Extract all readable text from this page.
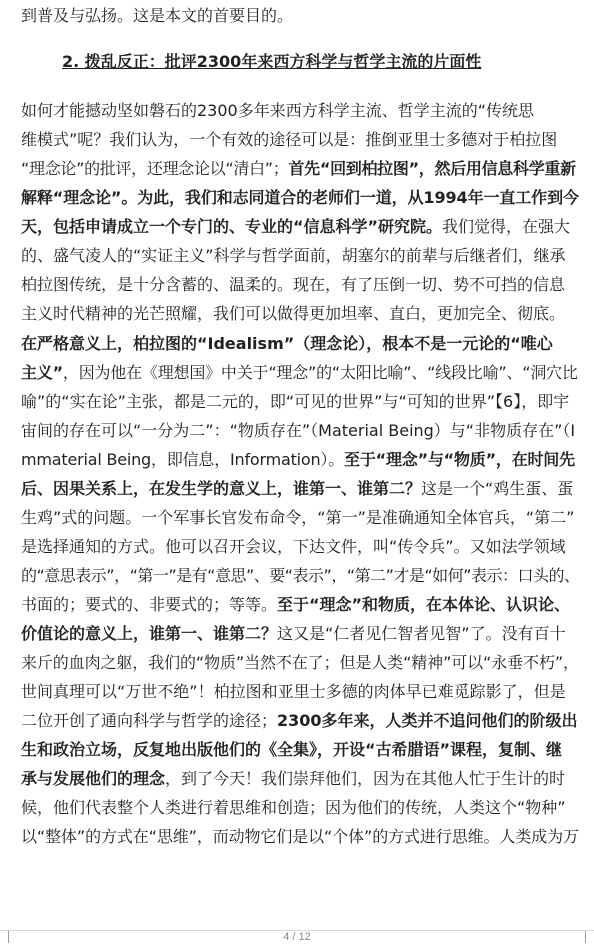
2. 拨乱反正：批评2300年来西方科学与哲学主流的片面性
到普及与弘扬。这是本文的首要目的。
如何才能撼动坚如磐石的2300多年来西方科学主流、哲学主流的“传统思
维模式”呢？我们认为，一个有效的途径可以是：推倒亚里士多德对于柏拉图
“理念论”的批评，还理念论以“清白”；首先“回到柏拉图”，然后用信息科学重新
解释“理念论”。为此，我们和志同道合的老师们一道，从1994年一直工作到今
天，包括申请成立一个专门的、专业的“信息科学”研究院。我们觉得，在强大
的、盛气凌人的“实证主义”科学与哲学面前，胡塞尔的前辈与后继者们，继承
柏拉图传统，是十分含蓄的、温柔的。现在，有了压倒一切、势不可挡的信息
主义时代精神的光芒照耀，我们可以做得更加坦率、直白，更加完全、彻底。
在严格意义上，柏拉图的“Idealism”（理念论），根本不是一元论的“唯心
主义”，因为他在《理想国》中关于“理念”的“太阳比喻”、“线段比喻”、“洞穴比
喻”的“实在论”主张，都是二元的，即“可见的世界”与“可知的世界”【6】，即宇
宙间的存在可以“一分为二”：“物质存在”（Material Being）与“非物质存在”（I
mmaterial Being，即信息，Information）。至于“理念”与“物质”，在时间先
后、因果关系上，在发生学的意义上，谁第一、谁第二？这是一个“鸡生蛋、蛋
生鸡”式的问题。一个军事长官发布命令，“第一”是准确通知全体官兵，“第二”
是选择通知的方式。他可以召开会议，下达文件，叫“传令兵”。又如法学领域
的“意思表示”，“第一”是有“意思”、要“表示”，“第二”才是“如何”表示：口头的、
书面的；要式的、非要式的；等等。至于“理念”和物质，在本体论、认识论、
价值论的意义上，谁第一、谁第二？这又是“仁者见仁智者见智”了。没有百十
来斤的血肉之躯，我们的“物质”当然不在了；但是人类“精神”可以“永垂不朽”，
世间真理可以“万世不绝”！柏拉图和亚里士多德的肉体早已难觅踪影了，但是
二位开创了通向科学与哲学的途径；2300多年来，人类并不追问他们的阶级出
生和政治立场，反复地出版他们的《全集》，开设“古希腊语”课程，复制、继
承与发展他们的理念，到了今天！我们崇拜他们，因为在其他人忙于生计的时
候，他们代表整个人类进行着思维和创造；因为他们的传统，人类这个“物种”
以“整体”的方式在“思维”，而动物它们是以“个体”的方式进行思维。人类成为万
4 / 12
